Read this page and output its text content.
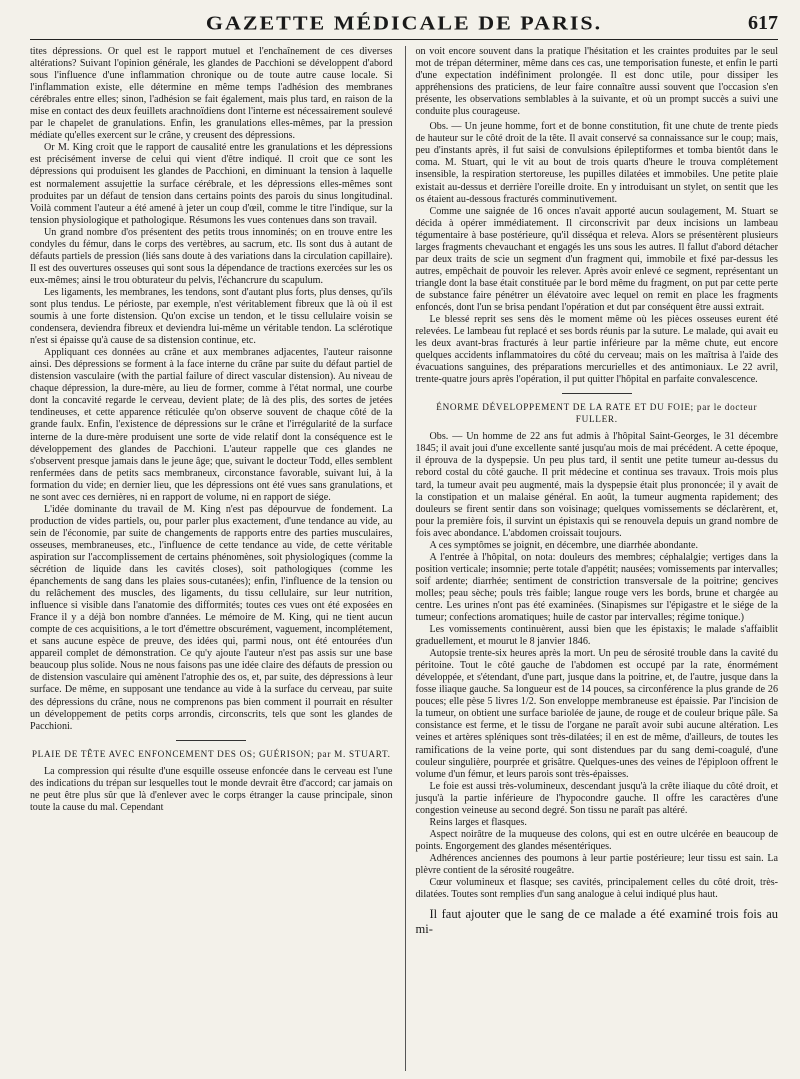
GAZETTE MÉDICALE DE PARIS.	617

tites dépressions. Or quel est le rapport mutuel et l'enchaînement de ces diverses altérations? Suivant l'opinion générale, les glandes de Pacchioni se développent d'abord sous l'influence d'une inflammation chronique ou de toute autre cause locale. Si l'inflammation existe, elle détermine en même temps l'adhésion des membranes cérébrales entre elles; sinon, l'adhésion se fait également, mais plus tard, en raison de la mise en contact des deux feuillets arachnoïdiens dont l'interne est nécessairement soulevé par le chapelet de granulations. Enfin, les granulations elles-mêmes, par la pression médiate qu'elles exercent sur le crâne, y creusent des dépressions.

Or M. King croit que le rapport de causalité entre les granulations et les dépressions est précisément inverse de celui qui vient d'être indiqué. Il croit que ce sont les dépressions qui produisent les glandes de Pacchioni, en diminuant la tension à laquelle est normalement assujettie la surface cérébrale, et les dépressions elles-mêmes sont produites par un défaut de tension dans certains points des parois du sinus longitudinal. Voilà comment l'auteur a été amené à jeter un coup d'œil, comme le titre l'indique, sur la tension physiologique et pathologique. Résumons les vues contenues dans son travail.

Un grand nombre d'os présentent des petits trous innominés; on en trouve entre les condyles du fémur, dans le corps des vertèbres, au sacrum, etc. Ils sont dus à autant de défauts partiels de pression (liés sans doute à des variations dans la circulation capillaire). Il est des ouvertures osseuses qui sont sous la dépendance de tractions exercées sur les os eux-mêmes; ainsi le trou obturateur du pelvis, l'échancrure du scapulum.

Les ligaments, les membranes, les tendons, sont d'autant plus forts, plus denses, qu'ils sont plus tendus. Le périoste, par exemple, n'est véritablement fibreux que là où il est soumis à une forte distension. Qu'on excise un tendon, et le tissu cellulaire voisin se condensera, deviendra fibreux et deviendra lui-même un véritable tendon. La sclérotique n'est si épaisse qu'à cause de sa distension continue, etc.

Appliquant ces données au crâne et aux membranes adjacentes, l'auteur raisonne ainsi. Des dépressions se forment à la face interne du crâne par suite du défaut partiel de distension vasculaire (with the partial failure of direct vascular distension). Au niveau de chaque dépression, la dure-mère, au lieu de former, comme à l'état normal, une courbe dont la concavité regarde le cerveau, devient plate; de là des plis, des sortes de jetées tendineuses, et cette apparence réticulée qu'on observe souvent de chaque côté de la grande faulx. Enfin, l'existence de dépressions sur le crâne et l'irrégularité de la surface interne de la dure-mère produisent une sorte de vide relatif dont la conséquence est le développement des glandes de Pacchioni. L'auteur rappelle que ces glandes ne s'observent presque jamais dans le jeune âge; que, suivant le docteur Todd, elles semblent renfermées dans de petits sacs membraneux, circonstance favorable, suivant lui, à la formation du vide; en dernier lieu, que les dépressions ont été vues sans granulations, et ne sont avec ces dernières, ni en rapport de volume, ni en rapport de siége.

L'idée dominante du travail de M. King n'est pas dépourvue de fondement. La production de vides partiels, ou, pour parler plus exactement, d'une tendance au vide, au sein de l'économie, par suite de changements de rapports entre des parties musculaires, osseuses, membraneuses, etc., l'influence de cette tendance au vide, de cette véritable aspiration sur l'accomplissement de certains phénomènes, soit physiologiques (comme la sécrétion de liquide dans les cavités closes), soit pathologiques (comme les épanchements de sang dans les plaies sous-cutanées); enfin, l'influence de la tension ou du relâchement des muscles, des ligaments, du tissu cellulaire, sur leur nutrition, influence si visible dans l'anatomie des difformités; toutes ces vues ont été exposées en France il y a déjà bon nombre d'années. Le mémoire de M. King, qui ne tient aucun compte de ces acquisitions, a le tort d'émettre obscurément, vaguement, incomplétement, et sans aucune espèce de preuve, des idées qui, parmi nous, ont été entourées d'un appareil complet de démonstration. Ce qu'y ajoute l'auteur n'est pas assis sur une base beaucoup plus solide. Nous ne nous faisons pas une idée claire des défauts de pression ou de distension vasculaire qui amènent l'atrophie des os, et, par suite, des dépressions à leur surface. De même, en supposant une tendance au vide à la surface du cerveau, par suite des dépressions du crâne, nous ne comprenons pas bien comment il pourrait en résulter un développement de petits corps arrondis, circonscrits, tels que sont les glandes de Pacchioni.

PLAIE DE TÊTE AVEC ENFONCEMENT DES OS; GUÉRISON; par M. STUART.

La compression qui résulte d'une esquille osseuse enfoncée dans le cerveau est l'une des indications du trépan sur lesquelles tout le monde devrait être d'accord; car jamais on ne peut être plus sûr que là d'enlever avec le corps étranger la cause principale, sinon toute la cause du mal. Cependant

on voit encore souvent dans la pratique l'hésitation et les craintes produites par le seul mot de trépan déterminer, même dans ces cas, une temporisation funeste, et enfin le parti d'une expectation indéfiniment prolongée. Il est donc utile, pour dissiper les appréhensions des praticiens, de leur faire connaître aussi souvent que l'occasion s'en présente, les observations semblables à la suivante, et où un prompt succès a suivi une conduite plus courageuse.

Obs. — Un jeune homme, fort et de bonne constitution, fit une chute de trente pieds de hauteur sur le côté droit de la tête. Il avait conservé sa connaissance sur le coup; mais, peu d'instants après, il fut saisi de convulsions épileptiformes et tomba bientôt dans le coma. M. Stuart, qui le vit au bout de trois quarts d'heure le trouva complétement insensible, la respiration stertoreuse, les pupilles dilatées et immobiles. Une petite plaie existait au-dessus et derrière l'oreille droite. En y introduisant un stylet, on sentit que les os étaient au-dessous fracturés comminutivement.

Comme une saignée de 16 onces n'avait apporté aucun soulagement, M. Stuart se décida à opérer immédiatement. Il circonscrivit par deux incisions un lambeau tégumentaire à base postérieure, qu'il disséqua et releva. Alors se présentèrent plusieurs larges fragments chevauchant et engagés les uns sous les autres. Il fallut d'abord détacher par deux traits de scie un segment d'un fragment qui, immobile et fixé par-dessus les autres, empêchait de pouvoir les relever. Après avoir enlevé ce segment, représentant un triangle dont la base était constituée par le bord même du fragment, on put par cette perte de substance faire pénétrer un élévatoire avec lequel on remit en place les fragments enfoncés, dont l'un se brisa pendant l'opération et dut par conséquent être aussi extrait.

Le blessé reprit ses sens dès le moment même où les pièces osseuses eurent été relevées. Le lambeau fut replacé et ses bords réunis par la suture. Le malade, qui avait eu les deux avant-bras fracturés à leur partie inférieure par la même chute, eut encore quelques accidents inflammatoires du côté du cerveau; mais on les maîtrisa à l'aide des évacuations sanguines, des préparations mercurielles et des antimoniaux. Le 22 avril, trente-quatre jours après l'opération, il put quitter l'hôpital en parfaite convalescence.

ÉNORME DÉVELOPPEMENT DE LA RATE ET DU FOIE; par le docteur FULLER.

Obs. — Un homme de 22 ans fut admis à l'hôpital Saint-Georges, le 31 décembre 1845; il avait joui d'une excellente santé jusqu'au mois de mai précédent. A cette époque, il éprouva de la dyspepsie. Un peu plus tard, il sentit une petite tumeur au-dessus du rebord costal du côté gauche. Il prit médecine et continua ses travaux. Trois mois plus tard, la tumeur avait peu augmenté, mais la dyspepsie était plus prononcée; il y avait de la constipation et un malaise général. En août, la tumeur augmenta rapidement; des douleurs se firent sentir dans son voisinage; quelques vomissements se déclarèrent, et, pour la première fois, il survint un épistaxis qui se renouvela depuis un grand nombre de fois avec abondance. L'abdomen croissait toujours.

A ces symptômes se joignit, en décembre, une diarrhée abondante.

A l'entrée à l'hôpital, on nota: douleurs des membres; céphalalgie; vertiges dans la position verticale; insomnie; perte totale d'appétit; nausées; vomissements par intervalles; soif ardente; diarrhée; sentiment de constriction transversale de la poitrine; gencives molles; peau sèche; pouls très faible; langue rouge vers les bords, brune et chargée au centre. Les urines n'ont pas été examinées. (Sinapismes sur l'épigastre et le siége de la tumeur; confections aromatiques; huile de castor par intervalles; régime tonique.)

Les vomissements continuèrent, aussi bien que les épistaxis; le malade s'affaiblit graduellement, et mourut le 8 janvier 1846.

Autopsie trente-six heures après la mort. Un peu de sérosité trouble dans la cavité du péritoine. Tout le côté gauche de l'abdomen est occupé par la rate, énormément développée, et s'étendant, d'une part, jusque dans la poitrine, et, de l'autre, jusque dans la fosse iliaque gauche. Sa longueur est de 14 pouces, sa circonférence la plus grande de 26 pouces; elle pèse 5 livres 1/2. Son enveloppe membraneuse est épaissie. Par l'incision de la tumeur, on obtient une surface bariolée de jaune, de rouge et de couleur brique pâle. Sa consistance est ferme, et le tissu de l'organe ne paraît avoir subi aucune altération. Les veines et artères spléniques sont très-dilatées; il en est de même, d'ailleurs, de toutes les ramifications de la veine porte, qui sont distendues par du sang demi-coagulé, d'une couleur singulière, pourprée et grisâtre. Quelques-unes des veines de l'épiploon offrent le volume d'un fémur, et leurs parois sont très-épaisses.

Le foie est aussi très-volumineux, descendant jusqu'à la crête iliaque du côté droit, et jusqu'à la partie inférieure de l'hypocondre gauche. Il offre les caractères d'une congestion veineuse au second degré. Son tissu ne paraît pas altéré.

Reins larges et flasques.

Aspect noirâtre de la muqueuse des colons, qui est en outre ulcérée en beaucoup de points. Engorgement des glandes mésentériques.

Adhérences anciennes des poumons à leur partie postérieure; leur tissu est sain. La plèvre contient de la sérosité rougeâtre.

Cœur volumineux et flasque; ses cavités, principalement celles du côté droit, très-dilatées. Toutes sont remplies d'un sang analogue à celui indiqué plus haut.

Il faut ajouter que le sang de ce malade a été examiné trois fois au mi-
